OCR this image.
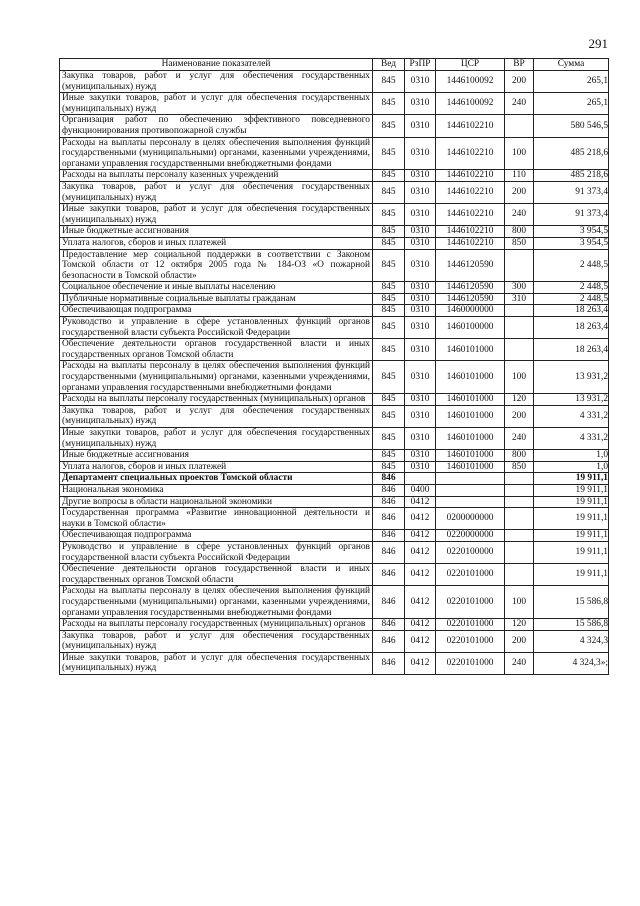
291
Наименование показателей	Вед	РзПР	ЦСР	ВР	Сумма
Закупка товаров, работ и услуг для обеспечения государственных (муниципальных) нужд	845	0310	1446100092	200	265,1
Иные закупки товаров, работ и услуг для обеспечения государственных (муниципальных) нужд	845	0310	1446100092	240	265,1
Организация работ по обеспечению эффективного повседневного функционирования противопожарной службы	845	0310	1446102210		580 546,5
Расходы на выплаты персоналу в целях обеспечения выполнения функций государственными (муниципальными) органами, казенными учреждениями, органами управления государственными внебюджетными фондами	845	0310	1446102210	100	485 218,6
Расходы на выплаты персоналу казенных учреждений	845	0310	1446102210	110	485 218,6
Закупка товаров, работ и услуг для обеспечения государственных (муниципальных) нужд	845	0310	1446102210	200	91 373,4
Иные закупки товаров, работ и услуг для обеспечения государственных (муниципальных) нужд	845	0310	1446102210	240	91 373,4
Иные бюджетные ассигнования	845	0310	1446102210	800	3 954,5
Уплата налогов, сборов и иных платежей	845	0310	1446102210	850	3 954,5
Предоставление мер социальной поддержки в соответствии с Законом Томской области от 12 октября 2005 года № 184-ОЗ «О пожарной безопасности в Томской области»	845	0310	1446120590		2 448,5
Социальное обеспечение и иные выплаты населению	845	0310	1446120590	300	2 448,5
Публичные нормативные социальные выплаты гражданам	845	0310	1446120590	310	2 448,5
Обеспечивающая подпрограмма	845	0310	1460000000		18 263,4
Руководство и управление в сфере установленных функций органов государственной власти субъекта Российской Федерации	845	0310	1460100000		18 263,4
Обеспечение деятельности органов государственной власти и иных государственных органов Томской области	845	0310	1460101000		18 263,4
Расходы на выплаты персоналу в целях обеспечения выполнения функций государственными (муниципальными) органами, казенными учреждениями, органами управления государственными внебюджетными фондами	845	0310	1460101000	100	13 931,2
Расходы на выплаты персоналу государственных (муниципальных) органов	845	0310	1460101000	120	13 931,2
Закупка товаров, работ и услуг для обеспечения государственных (муниципальных) нужд	845	0310	1460101000	200	4 331,2
Иные закупки товаров, работ и услуг для обеспечения государственных (муниципальных) нужд	845	0310	1460101000	240	4 331,2
Иные бюджетные ассигнования	845	0310	1460101000	800	1,0
Уплата налогов, сборов и иных платежей	845	0310	1460101000	850	1,0
Департамент специальных проектов Томской области	846				19 911,1
Национальная экономика	846	0400			19 911,1
Другие вопросы в области национальной экономики	846	0412			19 911,1
Государственная программа «Развитие инновационной деятельности и науки в Томской области»	846	0412	0200000000		19 911,1
Обеспечивающая подпрограмма	846	0412	0220000000		19 911,1
Руководство и управление в сфере установленных функций органов государственной власти субъекта Российской Федерации	846	0412	0220100000		19 911,1
Обеспечение деятельности органов государственной власти и иных государственных органов Томской области	846	0412	0220101000		19 911,1
Расходы на выплаты персоналу в целях обеспечения выполнения функций государственными (муниципальными) органами, казенными учреждениями, органами управления государственными внебюджетными фондами	846	0412	0220101000	100	15 586,8
Расходы на выплаты персоналу государственных (муниципальных) органов	846	0412	0220101000	120	15 586,8
Закупка товаров, работ и услуг для обеспечения государственных (муниципальных) нужд	846	0412	0220101000	200	4 324,3
Иные закупки товаров, работ и услуг для обеспечения государственных (муниципальных) нужд	846	0412	0220101000	240	4 324,3»;
